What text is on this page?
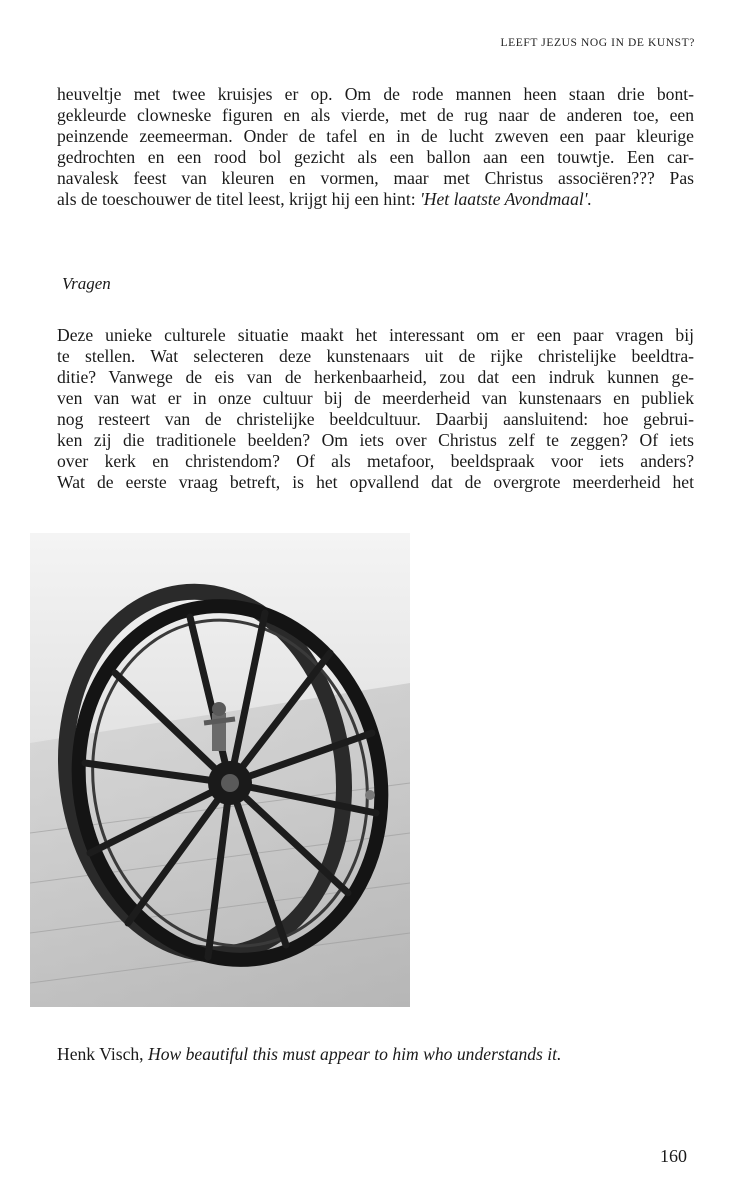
LEEFT JEZUS NOG IN DE KUNST?
heuveltje met twee kruisjes er op. Om de rode mannen heen staan drie bont-
gekleurde clowneske figuren en als vierde, met de rug naar de anderen toe, een
peinzende zeemeerman. Onder de tafel en in de lucht zweven een paar kleurige
gedrochten en een rood bol gezicht als een ballon aan een touwtje. Een car-
navalesk feest van kleuren en vormen, maar met Christus associëren??? Pas
als de toeschouwer de titel leest, krijgt hij een hint: 'Het laatste Avondmaal'.
Vragen
Deze unieke culturele situatie maakt het interessant om er een paar vragen bij
te stellen. Wat selecteren deze kunstenaars uit de rijke christelijke beeldtra-
ditie? Vanwege de eis van de herkenbaarheid, zou dat een indruk kunnen ge-
ven van wat er in onze cultuur bij de meerderheid van kunstenaars en publiek
nog resteert van de christelijke beeldcultuur. Daarbij aansluitend: hoe gebrui-
ken zij die traditionele beelden? Om iets over Christus zelf te zeggen? Of iets
over kerk en christendom? Of als metafoor, beeldspraak voor iets anders?
Wat de eerste vraag betreft, is het opvallend dat de overgrote meerderheid het
Henk Visch, How beautiful this must appear to him who understands it.
160
